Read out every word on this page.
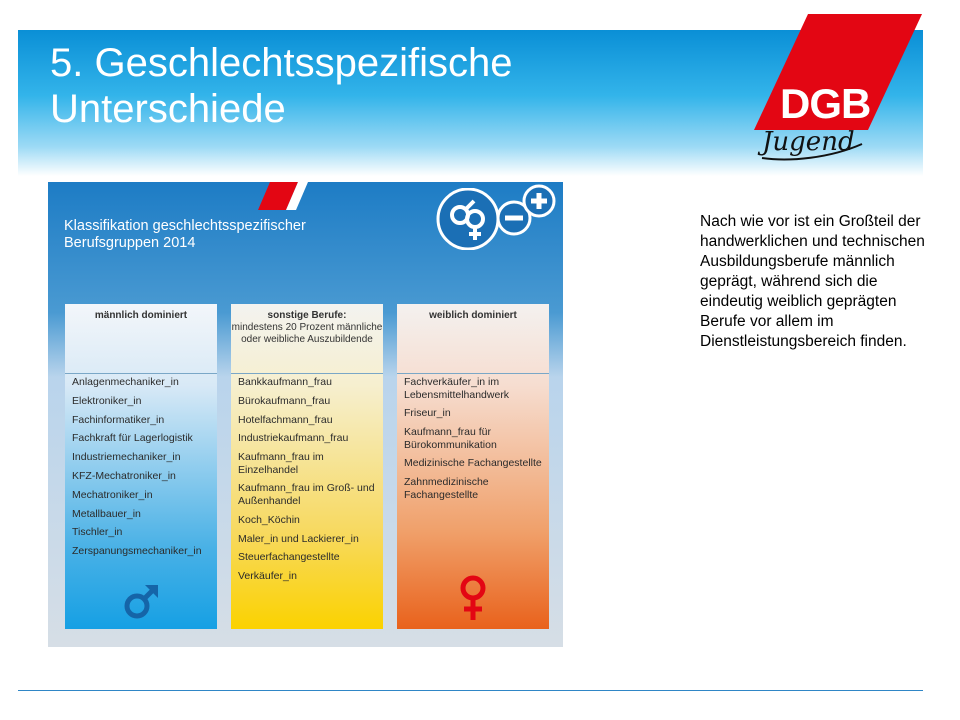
5. Geschlechtsspezifische
Unterschiede	DGB
Jugend

Nach wie vor ist ein Großteil der handwerklichen und technischen Ausbildungsberufe männlich geprägt, während sich die eindeutig weiblich geprägten Berufe vor allem im Dienstleistungsbereich finden.

Klassifikation geschlechtsspezifischer
Berufsgruppen 2014
männlich dominiert
Anlagenmechaniker_in
Elektroniker_in
Fachinformatiker_in
Fachkraft für Lagerlogistik
Industriemechaniker_in
KFZ-Mechatroniker_in
Mechatroniker_in
Metallbauer_in
Tischler_in
Zerspanungsmechaniker_in
sonstige Berufe:
mindestens 20 Prozent männliche oder weibliche Auszubildende
Bankkaufmann_frau
Bürokaufmann_frau
Hotelfachmann_frau
Industriekaufmann_frau
Kaufmann_frau im Einzelhandel
Kaufmann_frau im Groß- und Außenhandel
Koch_Köchin
Maler_in und Lackierer_in
Steuerfachangestellte
Verkäufer_in
weiblich dominiert
Fachverkäufer_in im Lebensmittelhandwerk
Friseur_in
Kaufmann_frau für Bürokommunikation
Medizinische Fachangestellte
Zahnmedizinische Fachangestellte
